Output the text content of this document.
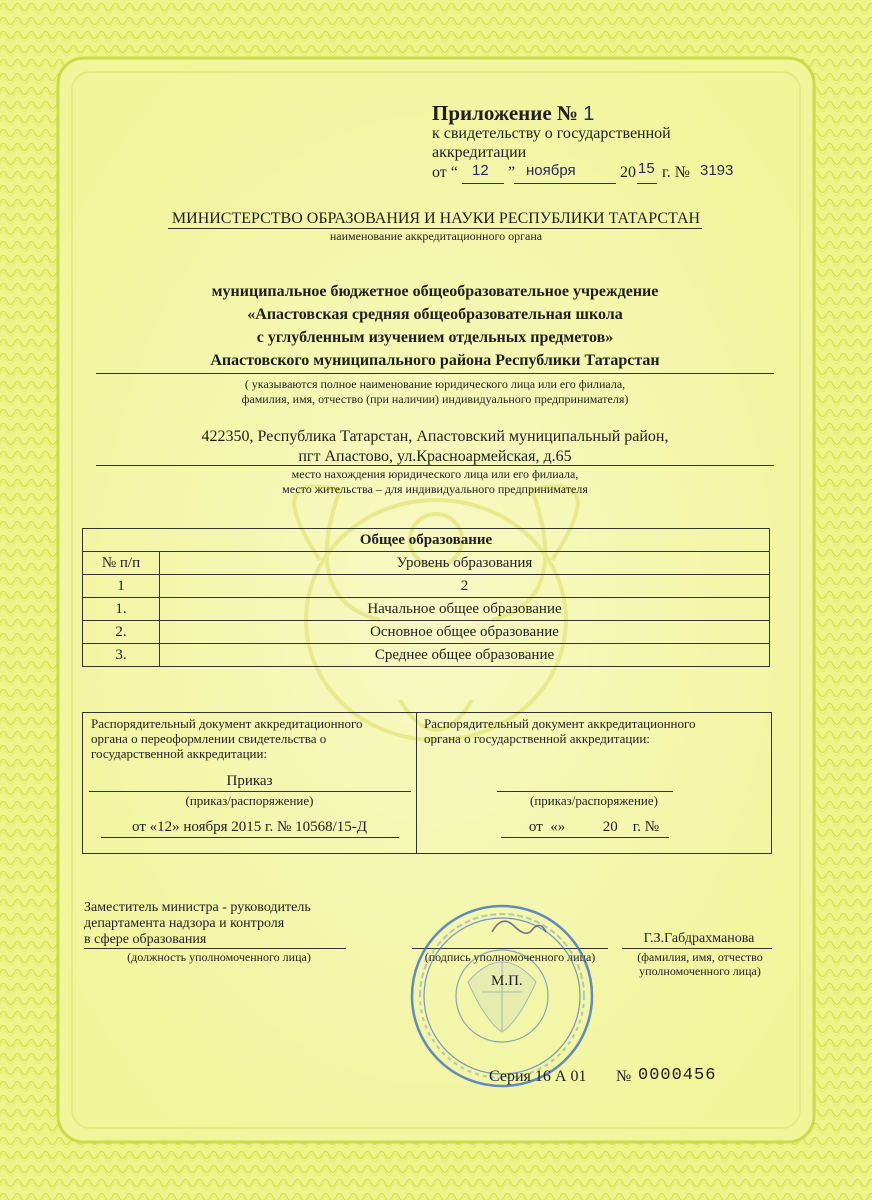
Приложение № 1
к свидетельству о государственной
аккредитации
от “ 12 ” ноября	20 15 г. № 3193
МИНИСТЕРСТВО ОБРАЗОВАНИЯ И НАУКИ РЕСПУБЛИКИ ТАТАРСТАН
наименование аккредитационного органа
муниципальное бюджетное общеобразовательное учреждение
«Апастовская средняя общеобразовательная школа
с углубленным изучением отдельных предметов»
Апастовского муниципального района Республики Татарстан
( указываются полное наименование юридического лица или его филиала,
фамилия, имя, отчество (при наличии) индивидуального предпринимателя)
422350, Республика Татарстан, Апастовский муниципальный район,
пгт Апастово, ул.Красноармейская, д.65
место нахождения юридического лица или его филиала,
место жительства – для индивидуального предпринимателя
Общее образование	
№ п/п	Уровень образования
1	2
1.	Начальное общее образование
2.	Основное общее образование
3.	Среднее общее образование
Распорядительный документ аккредитационного
органа о переоформлении свидетельства о
государственной аккредитации:
Приказ
(приказ/распоряжение)
от «12» ноября 2015 г. № 10568/15-Д
Распорядительный документ аккредитационного
органа о государственной аккредитации:
(приказ/распоряжение)
от  «»          20    г. №
Заместитель министра - руководитель
департамента надзора и контроля
в сфере образования
(должность уполномоченного лица)	(подпись уполномоченного лица)
Г.З.Габдрахманова
(фамилия, имя, отчество
уполномоченного лица)
М.П.
Серия 16 А 01 № 0000456
